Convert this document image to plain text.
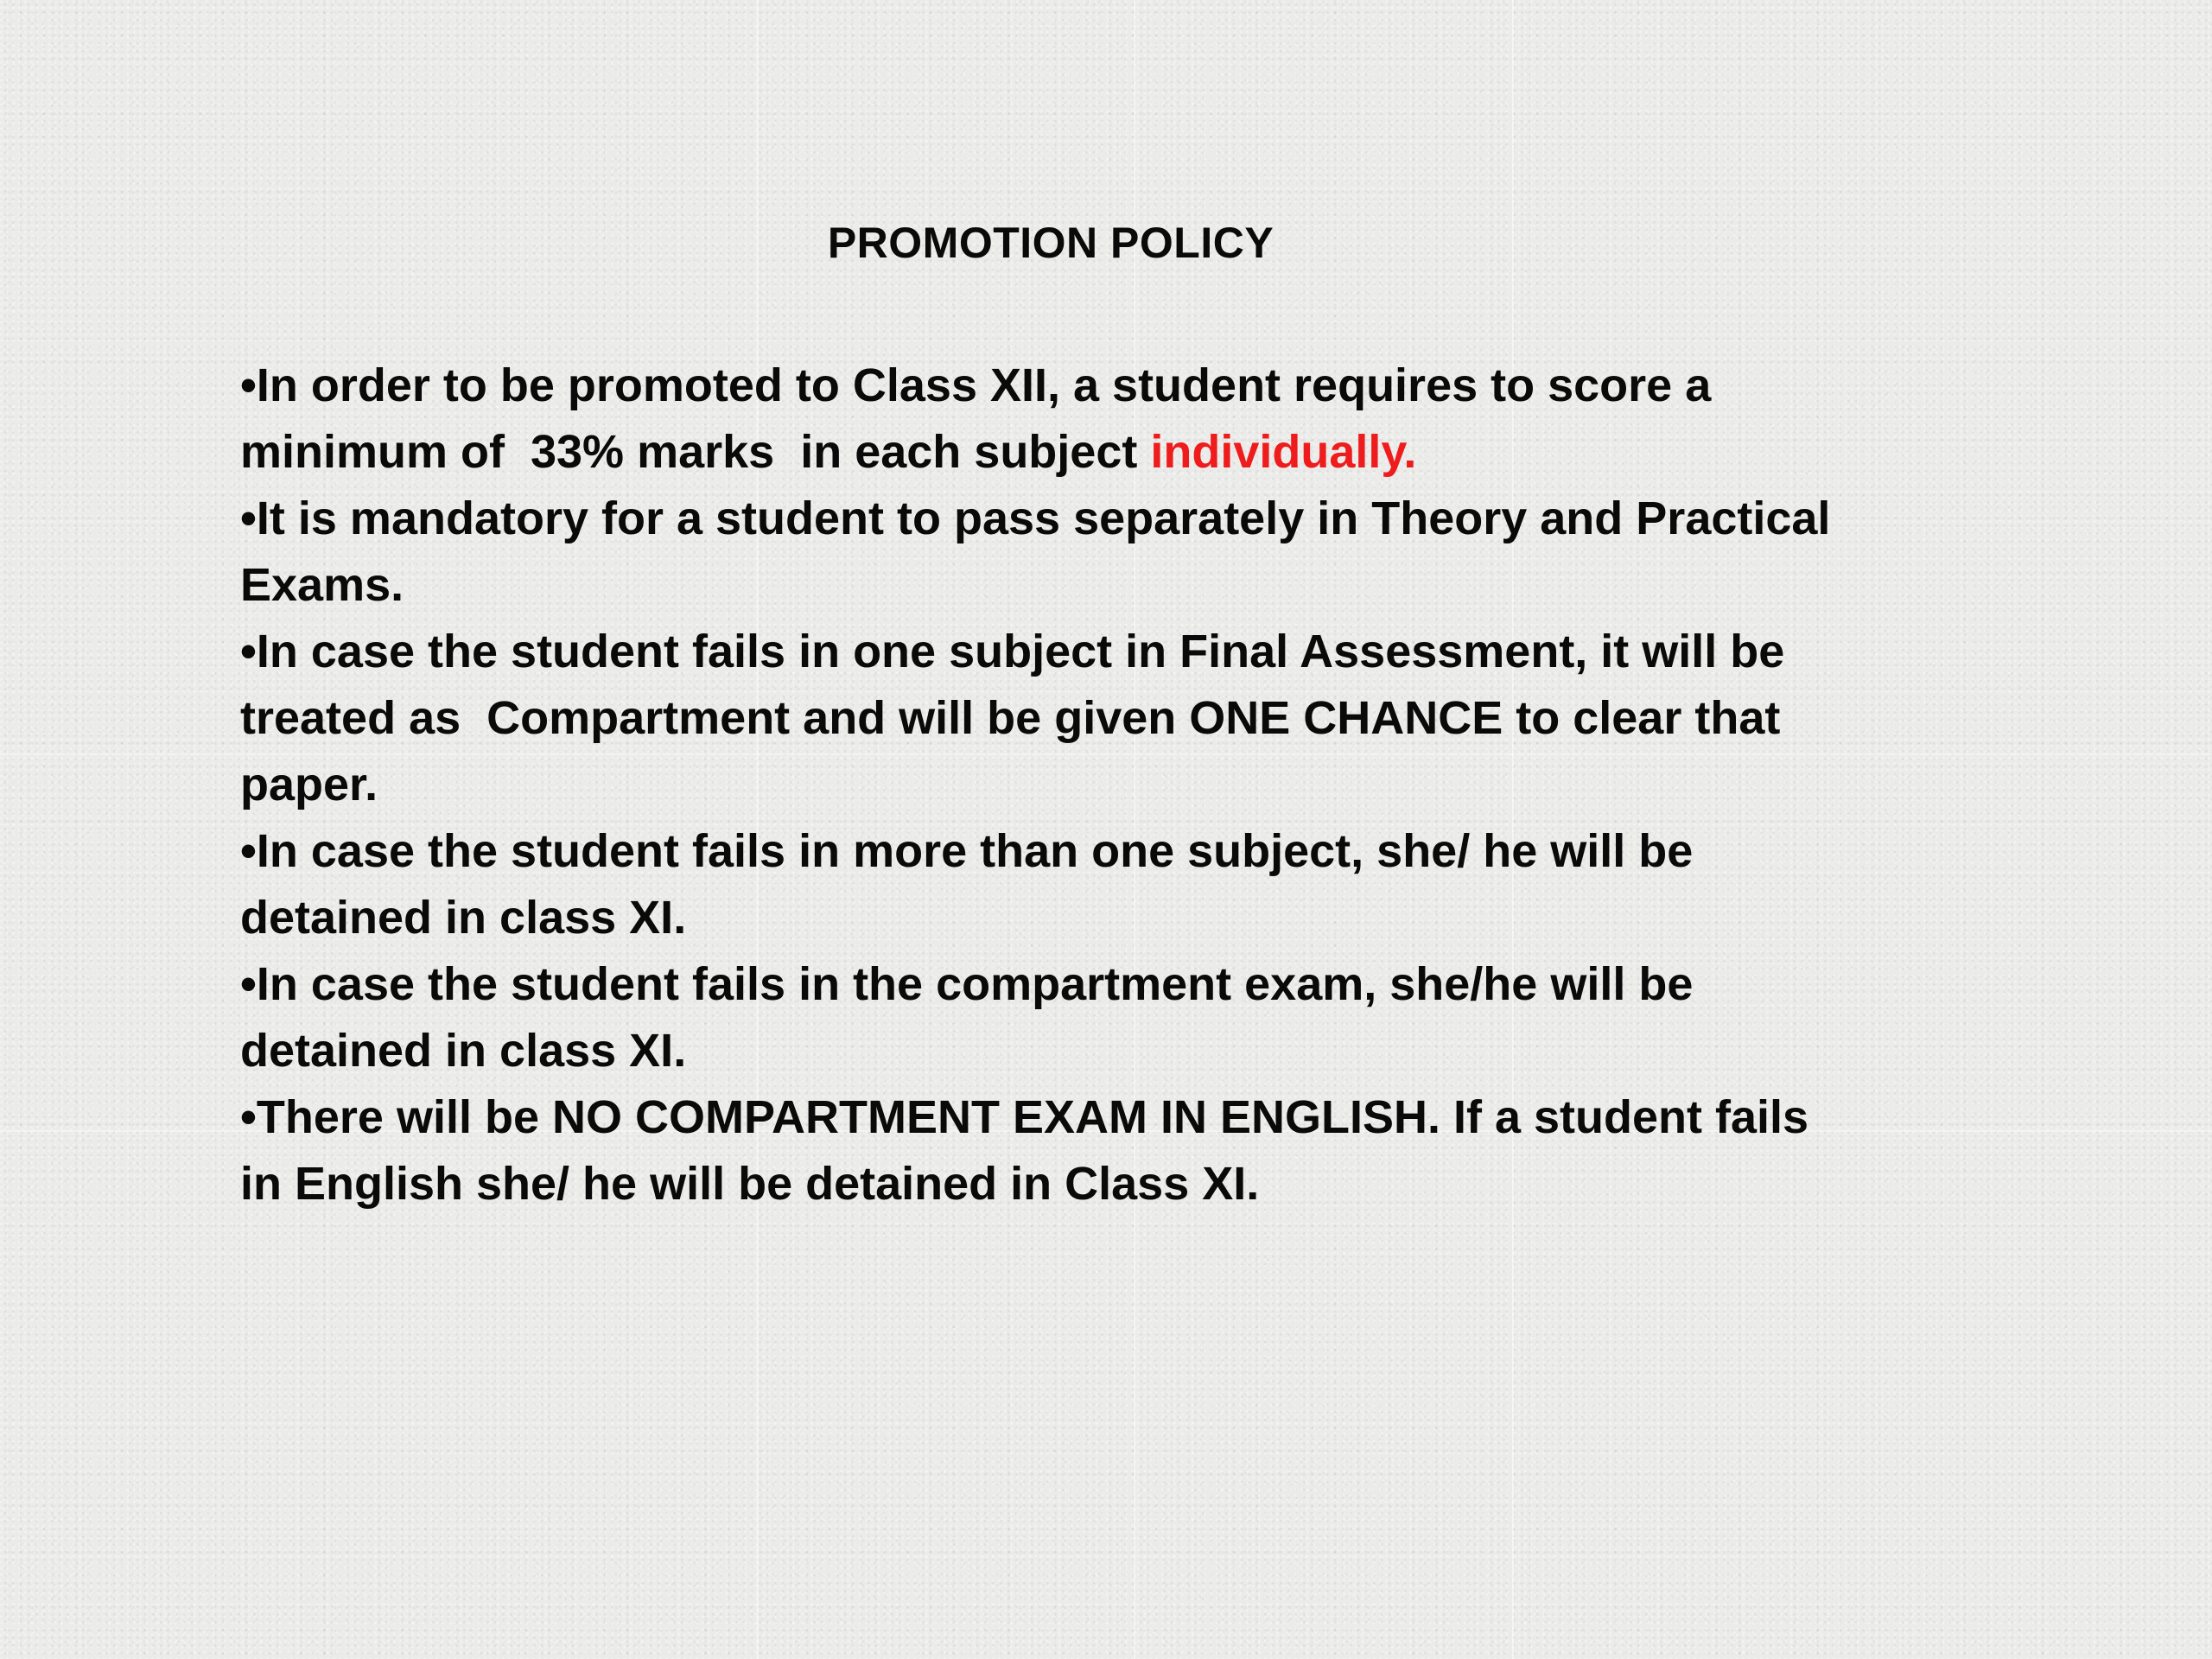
PROMOTION POLICY

•In order to be promoted to Class XII, a student requires to score a
minimum of  33% marks  in each subject individually.

•It is mandatory for a student to pass separately in Theory and Practical
Exams.

•In case the student fails in one subject in Final Assessment, it will be
treated as  Compartment and will be given ONE CHANCE to clear that
paper.

•In case the student fails in more than one subject, she/ he will be
detained in class XI.

•In case the student fails in the compartment exam, she/he will be
detained in class XI.

•There will be NO COMPARTMENT EXAM IN ENGLISH. If a student fails
in English she/ he will be detained in Class XI.
